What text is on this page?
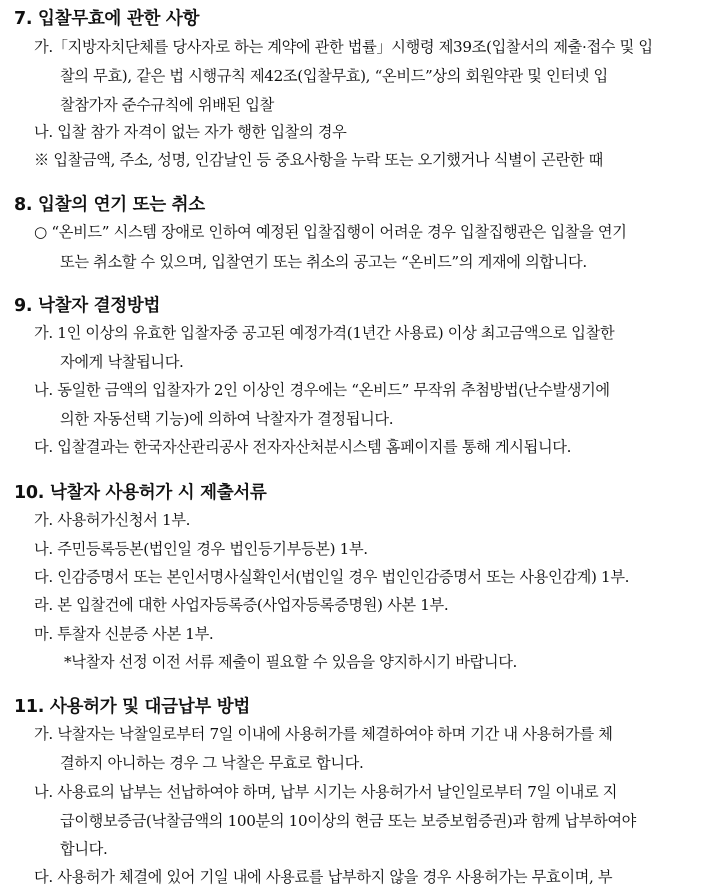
7. 입찰무효에 관한 사항
가.「지방자치단체를 당사자로 하는 계약에 관한 법률」시행령 제39조(입찰서의 제출·접수 및 입
찰의 무효), 같은 법 시행규칙 제42조(입찰무효), “온비드”상의 회원약관 및 인터넷 입
찰참가자 준수규칙에 위배된 입찰
나. 입찰 참가 자격이 없는 자가 행한 입찰의 경우
※ 입찰금액, 주소, 성명, 인감날인 등 중요사항을 누락 또는 오기했거나 식별이 곤란한 때
8. 입찰의 연기 또는 취소
○ “온비드” 시스템 장애로 인하여 예정된 입찰집행이 어려운 경우 입찰집행관은 입찰을 연기
또는 취소할 수 있으며, 입찰연기 또는 취소의 공고는 “온비드”의 게재에 의합니다.
9. 낙찰자 결정방법
가. 1인 이상의 유효한 입찰자중 공고된 예정가격(1년간 사용료) 이상 최고금액으로 입찰한
자에게 낙찰됩니다.
나. 동일한 금액의 입찰자가 2인 이상인 경우에는 “온비드” 무작위 추첨방법(난수발생기에
의한 자동선택 기능)에 의하여 낙찰자가 결정됩니다.
다. 입찰결과는 한국자산관리공사 전자자산처분시스템 홈페이지를 통해 게시됩니다.
10. 낙찰자 사용허가 시 제출서류
가. 사용허가신청서 1부.
나. 주민등록등본(법인일 경우 법인등기부등본) 1부.
다. 인감증명서 또는 본인서명사실확인서(법인일 경우 법인인감증명서 또는 사용인감계) 1부.
라. 본 입찰건에 대한 사업자등록증(사업자등록증명원) 사본 1부.
마. 투찰자 신분증 사본 1부.
*낙찰자 선정 이전 서류 제출이 필요할 수 있음을 양지하시기 바랍니다.
11. 사용허가 및 대금납부 방법
가. 낙찰자는 낙찰일로부터 7일 이내에 사용허가를 체결하여야 하며 기간 내 사용허가를 체
결하지 아니하는 경우 그 낙찰은 무효로 합니다.
나. 사용료의 납부는 선납하여야 하며, 납부 시기는 사용허가서 날인일로부터 7일 이내로 지
급이행보증금(낙찰금액의 100분의 10이상의 현금 또는 보증보험증권)과 함께 납부하여야
합니다.
다. 사용허가 체결에 있어 기일 내에 사용료를 납부하지 않을 경우 사용허가는 무효이며, 부
